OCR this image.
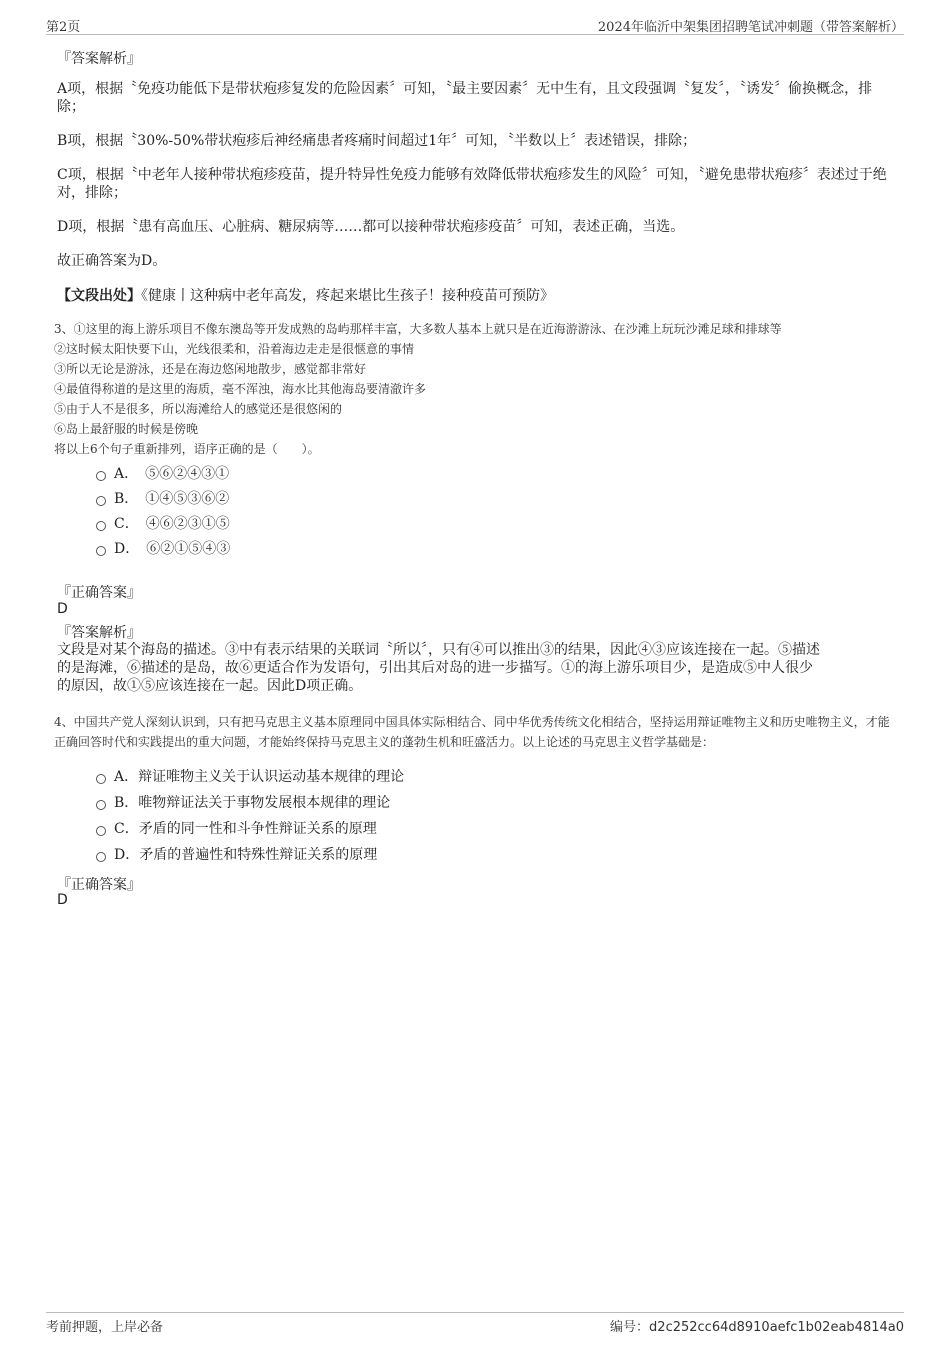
第2页	2024年临沂中架集团招聘笔试冲刺题（带答案解析）
『答案解析』
A项，根据〝免疫功能低下是带状疱疹复发的危险因素〞可知，〝最主要因素〞无中生有，且文段强调〝复发〞，〝诱发〞偷换概念，排除；
B项，根据〝30%-50%带状疱疹后神经痛患者疼痛时间超过1年〞可知，〝半数以上〞表述错误，排除；
C项，根据〝中老年人接种带状疱疹疫苗，提升特异性免疫力能够有效降低带状疱疹发生的风险〞可知，〝避免患带状疱疹〞表述过于绝对，排除；
D项，根据〝患有高血压、心脏病、糖尿病等……都可以接种带状疱疹疫苗〞可知，表述正确，当选。
故正确答案为D。
【文段出处】《健康丨这种病中老年高发，疼起来堪比生孩子！接种疫苗可预防》
3、①这里的海上游乐项目不像东澳岛等开发成熟的岛屿那样丰富，大多数人基本上就只是在近海游游泳、在沙滩上玩玩沙滩足球和排球等
②这时候太阳快要下山，光线很柔和，沿着海边走走是很惬意的事情
③所以无论是游泳，还是在海边悠闲地散步，感觉都非常好
④最值得称道的是这里的海质，毫不浑浊，海水比其他海岛要清澈许多
⑤由于人不是很多，所以海滩给人的感觉还是很悠闲的
⑥岛上最舒服的时候是傍晚
将以上6个句子重新排列，语序正确的是（　　）。
A．　⑤⑥②④③①
B．　①④⑤③⑥②
C．　④⑥②③①⑤
D．　⑥②①⑤④③
『正确答案』
D
『答案解析』
文段是对某个海岛的描述。③中有表示结果的关联词〝所以〞，只有④可以推出③的结果，因此④③应该连接在一起。⑤描述
的是海滩，⑥描述的是岛，故⑥更适合作为发语句，引出其后对岛的进一步描写。①的海上游乐项目少，是造成⑤中人很少
的原因，故①⑤应该连接在一起。因此D项正确。
4、中国共产党人深刻认识到，只有把马克思主义基本原理同中国具体实际相结合、同中华优秀传统文化相结合，坚持运用辩证唯物主义和历史唯物主义，才能正确回答时代和实践提出的重大问题，才能始终保持马克思主义的蓬勃生机和旺盛活力。以上论述的马克思主义哲学基础是：
A．辩证唯物主义关于认识运动基本规律的理论
B．唯物辩证法关于事物发展根本规律的理论
C．矛盾的同一性和斗争性辩证关系的原理
D．矛盾的普遍性和特殊性辩证关系的原理
『正确答案』
D
考前押题，上岸必备	编号：d2c252cc64d8910aefc1b02eab4814a0
